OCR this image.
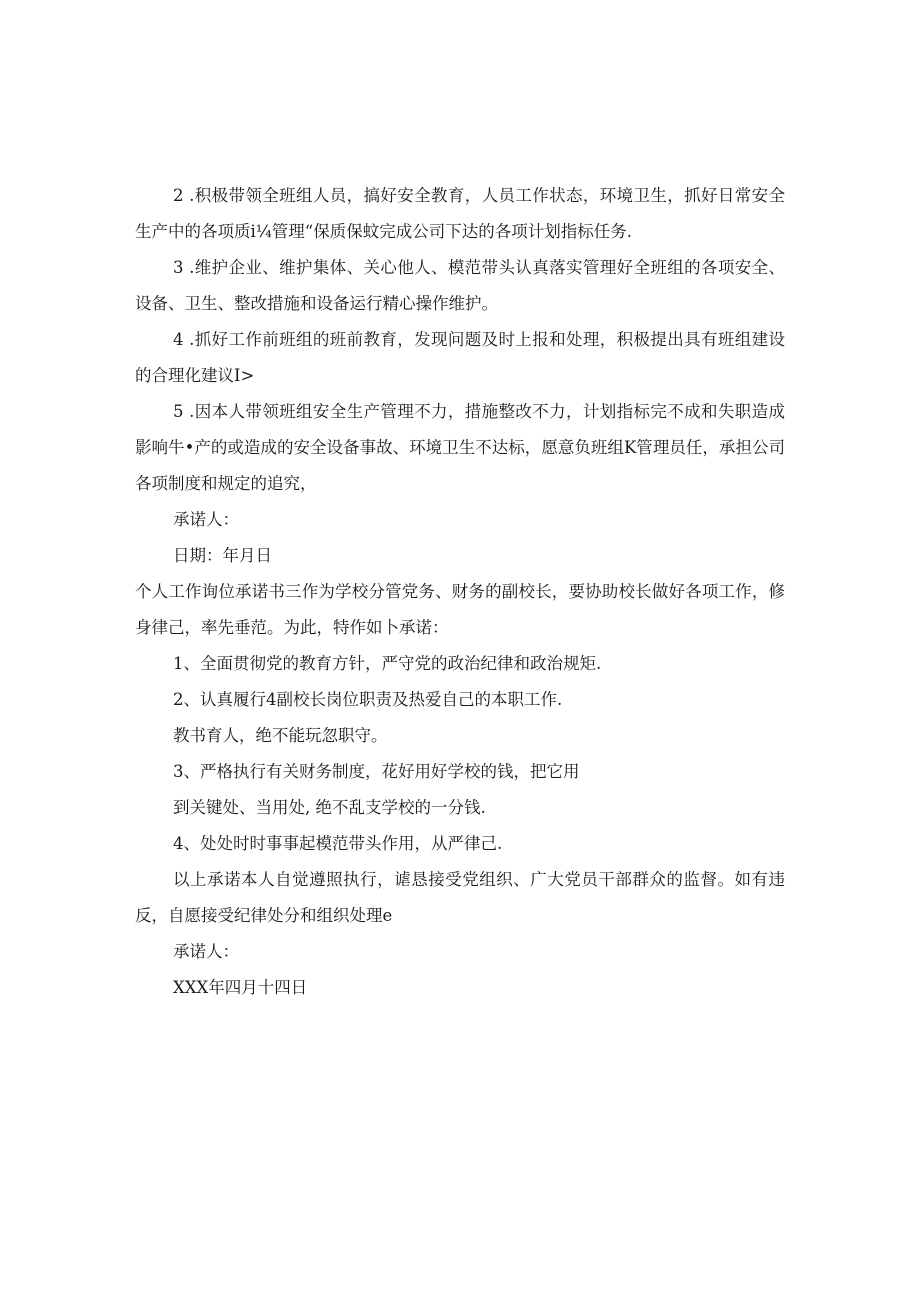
2 .积极带领全班组人员，搞好安全教育，人员工作状态，环境卫生，抓好日常安全生产中的各项质i¼管理“保质保蚊完成公司下达的各项计划指标任务.

3 .维护企业、维护集体、关心他人、模范带头认真落实管理好全班组的各项安全、设备、卫生、整改措施和设备运行精心操作维护。

4 .抓好工作前班组的班前教育，发现问题及时上报和处理，积极提出具有班组建设的合理化建议I>

5 .因本人带领班组安全生产管理不力，措施整改不力，计划指标完不成和失职造成影响牛•产的或造成的安全设备事故、环境卫生不达标，愿意负班组K管理员任，承担公司各项制度和规定的追究，

承诺人：

日期：年月日

个人工作询位承诺书三作为学校分管党务、财务的副校长，要协助校长做好各项工作，修身律己，率先垂范。为此，特作如卜承诺：

1、全面贯彻党的教育方针，严守党的政治纪律和政治规矩.

2、认真履行4副校长岗位职责及热爱自己的本职工作.

教书育人，绝不能玩忽职守。

3、严格执行有关财务制度，花好用好学校的钱，把它用

到关键处、当用处, 绝不乱支学校的一分钱.

4、处处时时事事起模范带头作用，从严律己.

以上承诺本人自觉遵照执行，谑恳接受党组织、广大党员干部群众的监督。如有违反，自愿接受纪律处分和组织处理e

承诺人：

XXX年四月十四日
